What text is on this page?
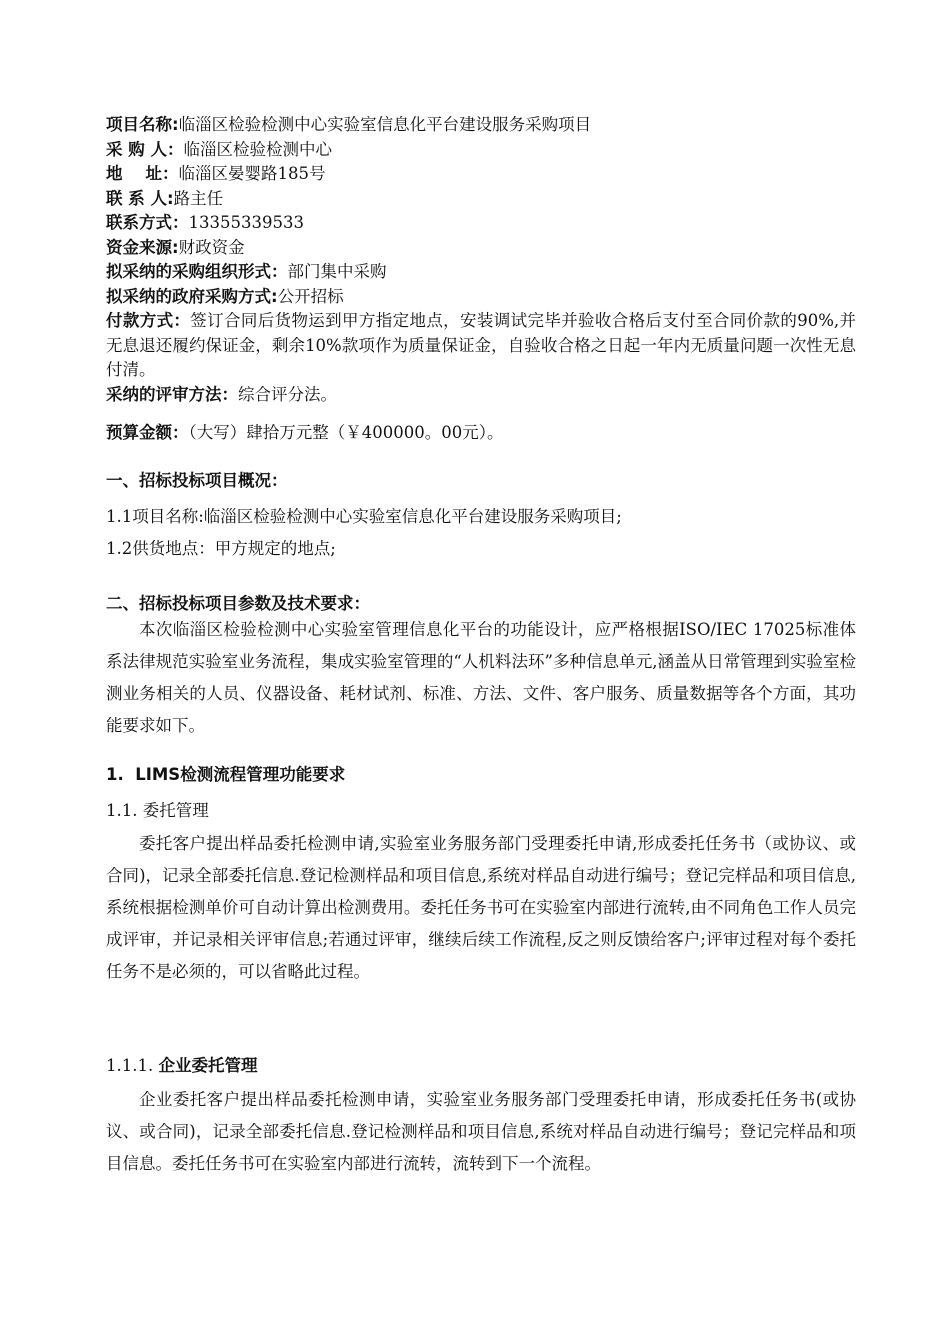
项目名称:临淄区检验检测中心实验室信息化平台建设服务采购项目
采 购 人：临淄区检验检测中心
地    址：临淄区晏婴路185号
联 系 人:路主任
联系方式：13355339533
资金来源:财政资金
拟采纳的采购组织形式：部门集中采购
拟采纳的政府采购方式:公开招标
付款方式：签订合同后货物运到甲方指定地点，安装调试完毕并验收合格后支付至合同价款的90%,并无息退还履约保证金，剩余10%款项作为质量保证金，自验收合格之日起一年内无质量问题一次性无息付清。
采纳的评审方法：综合评分法。
预算金额：（大写）肆拾万元整（￥400000。00元）。
一、招标投标项目概况：
1.1项目名称:临淄区检验检测中心实验室信息化平台建设服务采购项目;
1.2供货地点：甲方规定的地点;
二、招标投标项目参数及技术要求：
本次临淄区检验检测中心实验室管理信息化平台的功能设计，应严格根据ISO/IEC 17025标准体系法律规范实验室业务流程，集成实验室管理的“人机料法环”多种信息单元,涵盖从日常管理到实验室检测业务相关的人员、仪器设备、耗材试剂、标准、方法、文件、客户服务、质量数据等各个方面，其功能要求如下。
1.  LIMS检测流程管理功能要求
1.1. 委托管理
委托客户提出样品委托检测申请,实验室业务服务部门受理委托申请,形成委托任务书（或协议、或合同)，记录全部委托信息.登记检测样品和项目信息,系统对样品自动进行编号；登记完样品和项目信息,系统根据检测单价可自动计算出检测费用。委托任务书可在实验室内部进行流转,由不同角色工作人员完成评审，并记录相关评审信息;若通过评审，继续后续工作流程,反之则反馈给客户;评审过程对每个委托任务不是必须的，可以省略此过程。
1.1.1. 企业委托管理
企业委托客户提出样品委托检测申请，实验室业务服务部门受理委托申请，形成委托任务书(或协议、或合同)，记录全部委托信息.登记检测样品和项目信息,系统对样品自动进行编号；登记完样品和项目信息。委托任务书可在实验室内部进行流转，流转到下一个流程。
